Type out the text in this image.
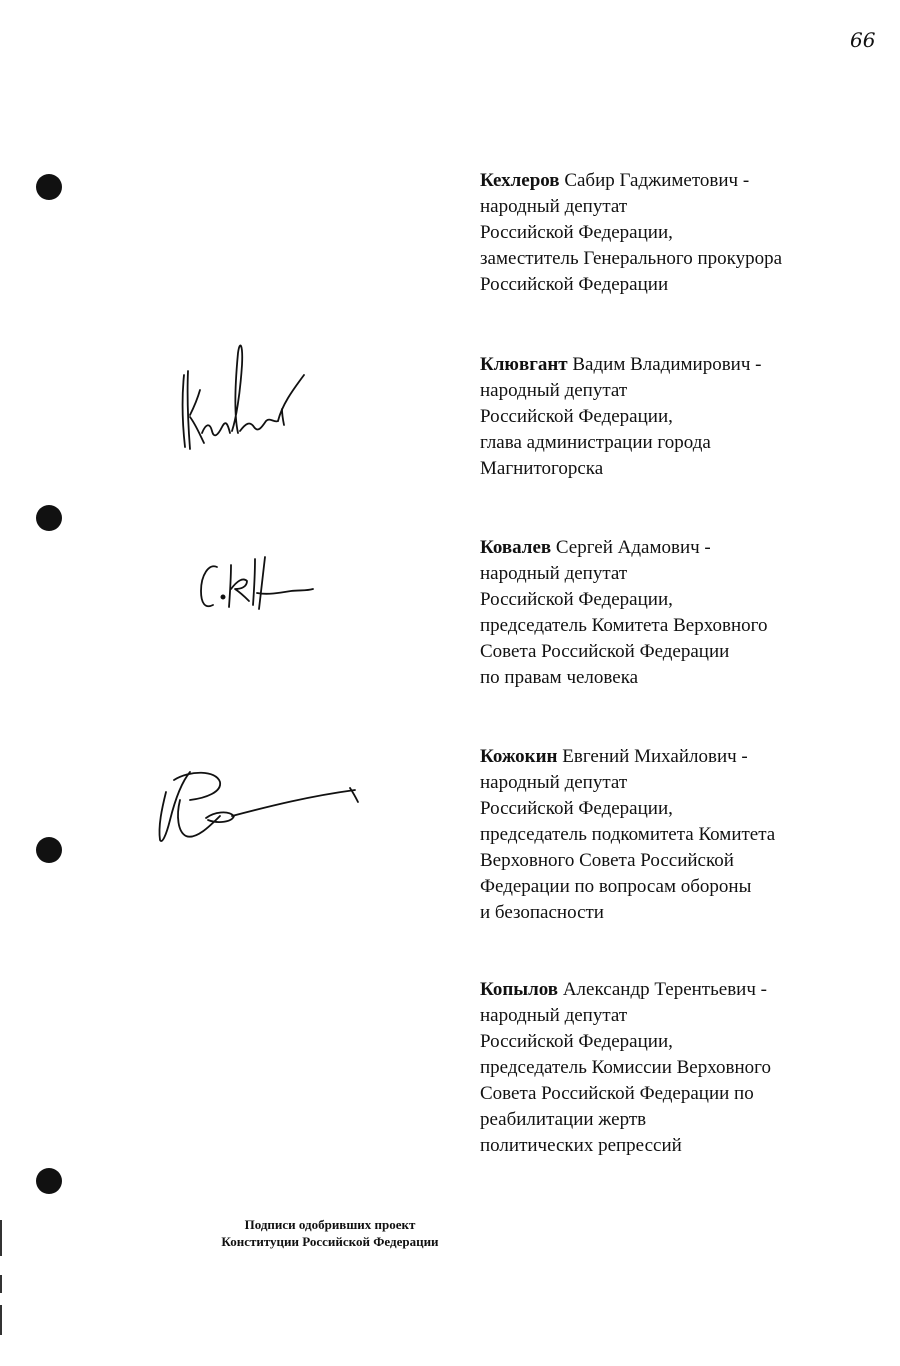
66
Кехлеров Сабир Гаджиметович -
народный депутат
Российской Федерации,
заместитель Генерального прокурора
Российской Федерации
Клювгант Вадим Владимирович -
народный депутат
Российской Федерации,
глава администрации города
Магнитогорска
Ковалев Сергей Адамович -
народный депутат
Российской Федерации,
председатель Комитета Верховного
Совета Российской Федерации
по правам человека
Кожокин Евгений Михайлович -
народный депутат
Российской Федерации,
председатель подкомитета Комитета
Верховного Совета Российской
Федерации по вопросам обороны
и безопасности
Копылов Александр Терентьевич -
народный депутат
Российской Федерации,
председатель Комиссии Верховного
Совета Российской Федерации по
реабилитации жертв
политических репрессий
Подписи одобривших проект
Конституции Российской Федерации
